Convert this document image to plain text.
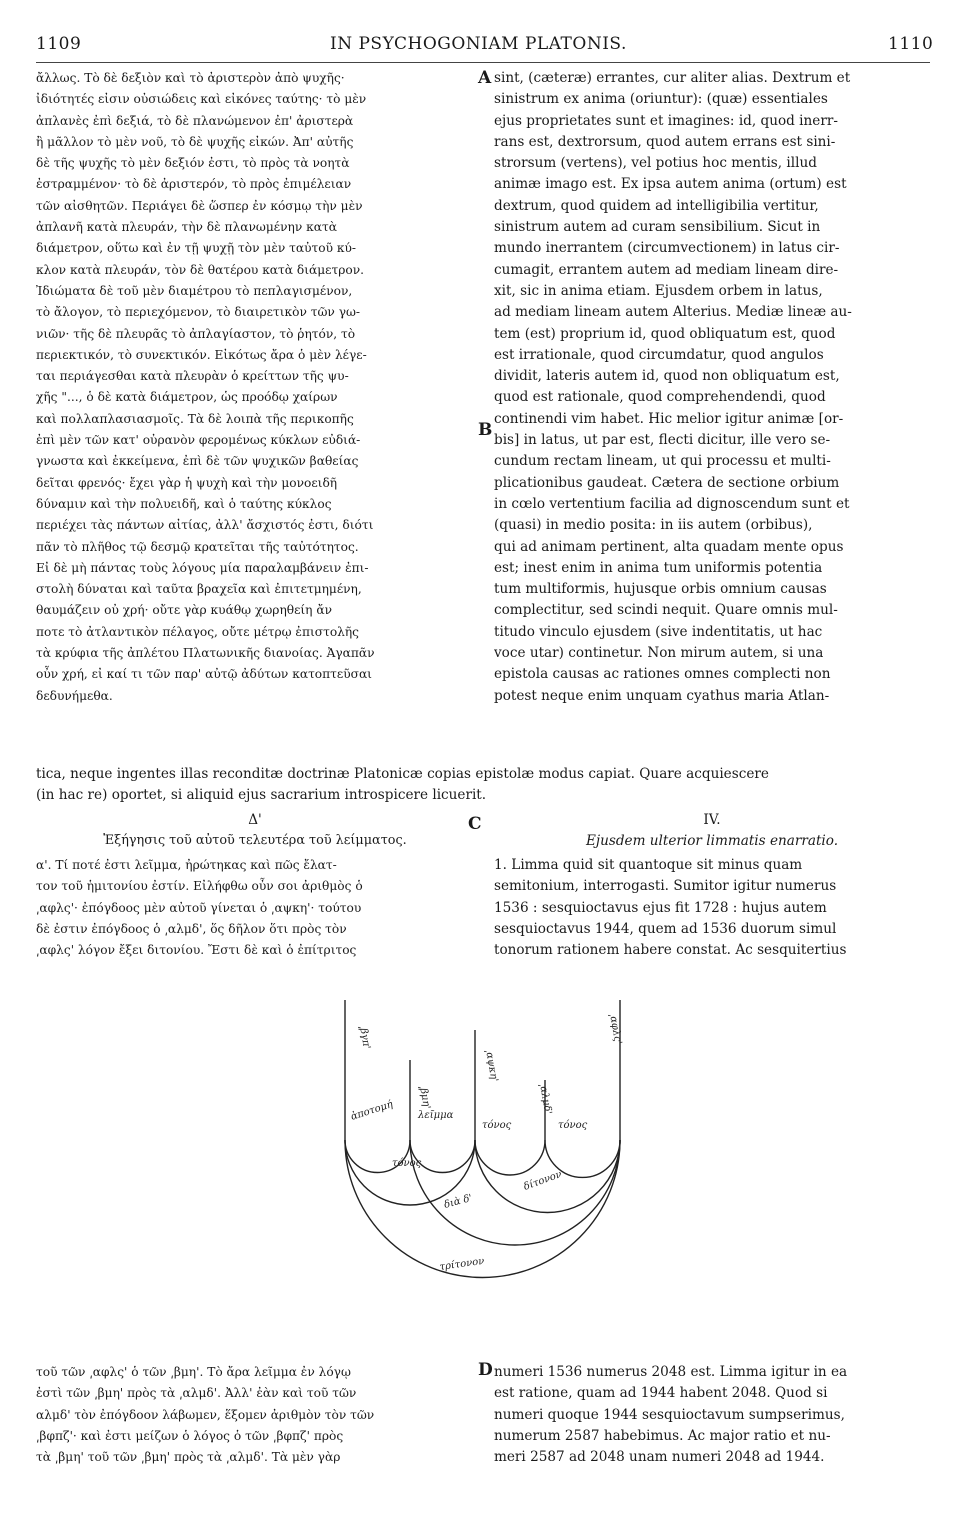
1109	IN PSYCHOGONIAM PLATONIS.	1110
A
B
C
D
ἄλλως. Τὸ δὲ δεξιὸν καὶ τὸ ἀριστερὸν ἀπὸ ψυχῆς·
ἰδιότητές εἰσιν οὐσιώδεις καὶ εἰκόνες ταύτης· τὸ μὲν
ἀπλανὲς ἐπὶ δεξιά, τὸ δὲ πλανώμενον ἐπ' ἀριστερὰ
ἢ μᾶλλον τὸ μὲν νοῦ, τὸ δὲ ψυχῆς εἰκών. Ἀπ' αὐτῆς
δὲ τῆς ψυχῆς τὸ μὲν δεξιόν ἐστι, τὸ πρὸς τὰ νοητὰ
ἐστραμμένον· τὸ δὲ ἀριστερόν, τὸ πρὸς ἐπιμέλειαν
τῶν αἰσθητῶν. Περιάγει δὲ ὥσπερ ἐν κόσμῳ τὴν μὲν
ἀπλανῆ κατὰ πλευράν, τὴν δὲ πλανωμένην κατὰ
διάμετρον, οὕτω καὶ ἐν τῇ ψυχῇ τὸν μὲν ταὐτοῦ κύ-
κλον κατὰ πλευράν, τὸν δὲ θατέρου κατὰ διάμετρον.
Ἰδιώματα δὲ τοῦ μὲν διαμέτρου τὸ πεπλαγισμένον,
τὸ ἄλογον, τὸ περιεχόμενον, τὸ διαιρετικὸν τῶν γω-
νιῶν· τῆς δὲ πλευρᾶς τὸ ἀπλαγίαστον, τὸ ῥητόν, τὸ
περιεκτικόν, τὸ συνεκτικόν. Εἰκότως ἄρα ὁ μὲν λέγε-
ται περιάγεσθαι κατὰ πλευρὰν ὁ κρείττων τῆς ψυ-
χῆς "..., ὁ δὲ κατὰ διάμετρον, ὡς προόδῳ χαίρων
καὶ πολλαπλασιασμοῖς. Τὰ δὲ λοιπὰ τῆς περικοπῆς
ἐπὶ μὲν τῶν κατ' οὐρανὸν φερομένως κύκλων εὐδιά-
γνωστα καὶ ἐκκείμενα, ἐπὶ δὲ τῶν ψυχικῶν βαθείας
δεῖται φρενός· ἔχει γὰρ ἡ ψυχὴ καὶ τὴν μονοειδῆ
δύναμιν καὶ τὴν πολυειδῆ, καὶ ὁ ταύτης κύκλος
περιέχει τὰς πάντων αἰτίας, ἀλλ' ἄσχιστός ἐστι, διότι
πᾶν τὸ πλῆθος τῷ δεσμῷ κρατεῖται τῆς ταὐτότητος.
Εἰ δὲ μὴ πάντας τοὺς λόγους μία παραλαμβάνειν ἐπι-
στολὴ δύναται καὶ ταῦτα βραχεῖα καὶ ἐπιτετμημένη,
θαυμάζειν οὐ χρή· οὔτε γὰρ κυάθῳ χωρηθείη ἄν
ποτε τὸ ἀτλαντικὸν πέλαγος, οὔτε μέτρῳ ἐπιστολῆς
τὰ κρύφια τῆς ἀπλέτου Πλατωνικῆς διανοίας. Ἀγαπᾶν
οὖν χρή, εἰ καί τι τῶν παρ' αὐτῷ ἀδύτων κατοπτεῦσαι
δεδυνήμεθα.
sint, (cæteræ) errantes, cur aliter alias. Dextrum et
sinistrum ex anima (oriuntur): (quæ) essentiales
ejus proprietates sunt et imagines: id, quod inerr-
rans est, dextrorsum, quod autem errans est sini-
strorsum (vertens), vel potius hoc mentis, illud
animæ imago est. Ex ipsa autem anima (ortum) est
dextrum, quod quidem ad intelligibilia vertitur,
sinistrum autem ad curam sensibilium. Sicut in
mundo inerrantem (circumvectionem) in latus cir-
cumagit, errantem autem ad mediam lineam dire-
xit, sic in anima etiam. Ejusdem orbem in latus,
ad mediam lineam autem Alterius. Mediæ lineæ au-
tem (est) proprium id, quod obliquatum est, quod
est irrationale, quod circumdatur, quod angulos
dividit, lateris autem id, quod non obliquatum est,
quod est rationale, quod comprehendendi, quod
continendi vim habet. Hic melior igitur animæ [or-
bis] in latus, ut par est, flecti dicitur, ille vero se-
cundum rectam lineam, ut qui processu et multi-
plicationibus gaudeat. Cætera de sectione orbium
in cœlo vertentium facilia ad dignoscendum sunt et
(quasi) in medio posita: in iis autem (orbibus),
qui ad animam pertinent, alta quadam mente opus
est; inest enim in anima tum uniformis potentia
tum multiformis, hujusque orbis omnium causas
complectitur, sed scindi nequit. Quare omnis mul-
titudo vinculo ejusdem (sive indentitatis, ut hac
voce utar) continetur. Non mirum autem, si una
epistola causas ac rationes omnes complecti non
potest neque enim unquam cyathus maria Atlan-
tica, neque ingentes illas reconditæ doctrinæ Platonicæ copias epistolæ modus capiat. Quare acquiescere
(in hac re) oportet, si aliquid ejus sacrarium introspicere licuerit.
Δ'
Ἐξήγησις τοῦ αὐτοῦ τελευτέρα τοῦ λείμματος.
IV.
Ejusdem ulterior limmatis enarratio.
α'. Τί ποτέ ἐστι λεῖμμα, ἠρώτηκας καὶ πῶς ἔλατ-
τον τοῦ ἡμιτονίου ἐστίν. Εἰλήφθω οὖν σοι ἀριθμὸς ὁ
͵αφλς'· ἐπόγδοος μὲν αὐτοῦ γίνεται ὁ ͵αψκη'· τούτου
δὲ ἐστιν ἐπόγδοος ὁ ͵αλμδ', ὅς δῆλον ὅτι πρὸς τὸν
͵αφλς' λόγον ἔξει διτονίου. Ἔστι δὲ καὶ ὁ ἐπίτριτος
1. Limma quid sit quantoque sit minus quam
semitonium, interrogasti. Sumitor igitur numerus
1536 : sesquioctavus ejus fit 1728 : hujus autem
sesquioctavus 1944, quem ad 1536 duorum simul
tonorum rationem habere constat. Ac sesquitertius
͵βγπ'
͵βμη'
͵αψκη'
͵αλμδ'
͵αφλς'
ἀποτομή λεῖμμα
τόνος	τόνος
τόνος
δίτονον
διὰ δ'
τρίτονον
τοῦ τῶν ͵αφλς' ὁ τῶν ͵βμη'. Τὸ ἄρα λεῖμμα ἐν λόγῳ
ἐστὶ τῶν ͵βμη' πρὸς τὰ ͵αλμδ'. Ἀλλ' ἐὰν καὶ τοῦ τῶν
αλμδ' τὸν ἐπόγδοον λάβωμεν, ἕξομεν ἀριθμὸν τὸν τῶν
͵βφπζ'· καὶ ἐστι μείζων ὁ λόγος ὁ τῶν ͵βφπζ' πρὸς
τὰ ͵βμη' τοῦ τῶν ͵βμη' πρὸς τὰ ͵αλμδ'. Τὰ μὲν γὰρ
numeri 1536 numerus 2048 est. Limma igitur in ea
est ratione, quam ad 1944 habent 2048. Quod si
numeri quoque 1944 sesquioctavum sumpserimus,
numerum 2587 habebimus. Ac major ratio et nu-
meri 2587 ad 2048 unam numeri 2048 ad 1944.
